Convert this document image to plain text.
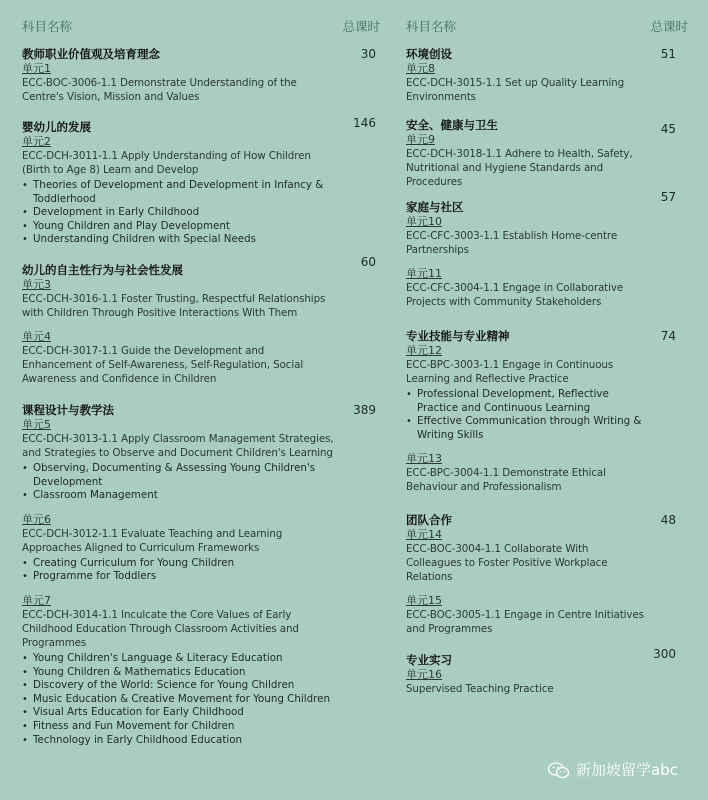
科目名称	总课时
教师职业价值观及培育理念
单元1
ECC-BOC-3006-1.1 Demonstrate Understanding of the Centre's Vision, Mission and Values
30
婴幼儿的发展
单元2
ECC-DCH-3011-1.1 Apply Understanding of How Children (Birth to Age 8) Learn and Develop
• Theories of Development and Development in Infancy & Toddlerhood
• Development in Early Childhood
• Young Children and Play Development
• Understanding Children with Special Needs
146
幼儿的自主性行为与社会性发展
单元3
ECC-DCH-3016-1.1 Foster Trusting, Respectful Relationships with Children Through Positive Interactions With Them
单元4
ECC-DCH-3017-1.1 Guide the Development and Enhancement of Self-Awareness, Self-Regulation, Social Awareness and Confidence in Children
60
课程设计与教学法
单元5
ECC-DCH-3013-1.1 Apply Classroom Management Strategies, and Strategies to Observe and Document Children's Learning
• Observing, Documenting & Assessing Young Children's Development
• Classroom Management
单元6
ECC-DCH-3012-1.1 Evaluate Teaching and Learning Approaches Aligned to Curriculum Frameworks
• Creating Curriculum for Young Children
• Programme for Toddlers
单元7
ECC-DCH-3014-1.1 Inculcate the Core Values of Early Childhood Education Through Classroom Activities and Programmes
• Young Children's Language & Literacy Education
• Young Children & Mathematics Education
• Discovery of the World: Science for Young Children
• Music Education & Creative Movement for Young Children
• Visual Arts Education for Early Childhood
• Fitness and Fun Movement for Children
• Technology in Early Childhood Education
389
科目名称	总课时
环境创设
单元8
ECC-DCH-3015-1.1 Set up Quality Learning Environments
51
安全、健康与卫生
单元9
ECC-DCH-3018-1.1 Adhere to Health, Safety, Nutritional and Hygiene Standards and Procedures
45
家庭与社区
单元10
ECC-CFC-3003-1.1 Establish Home-centre Partnerships
单元11
ECC-CFC-3004-1.1 Engage in Collaborative Projects with Community Stakeholders
57
专业技能与专业精神
单元12
ECC-BPC-3003-1.1 Engage in Continuous Learning and Reflective Practice
• Professional Development, Reflective Practice and Continuous Learning
• Effective Communication through Writing & Writing Skills
单元13
ECC-BPC-3004-1.1 Demonstrate Ethical Behaviour and Professionalism
74
团队合作
单元14
ECC-BOC-3004-1.1 Collaborate With Colleagues to Foster Positive Workplace Relations
单元15
ECC-BOC-3005-1.1 Engage in Centre Initiatives and Programmes
48
专业实习
单元16
Supervised Teaching Practice
300
新加坡留学abc
